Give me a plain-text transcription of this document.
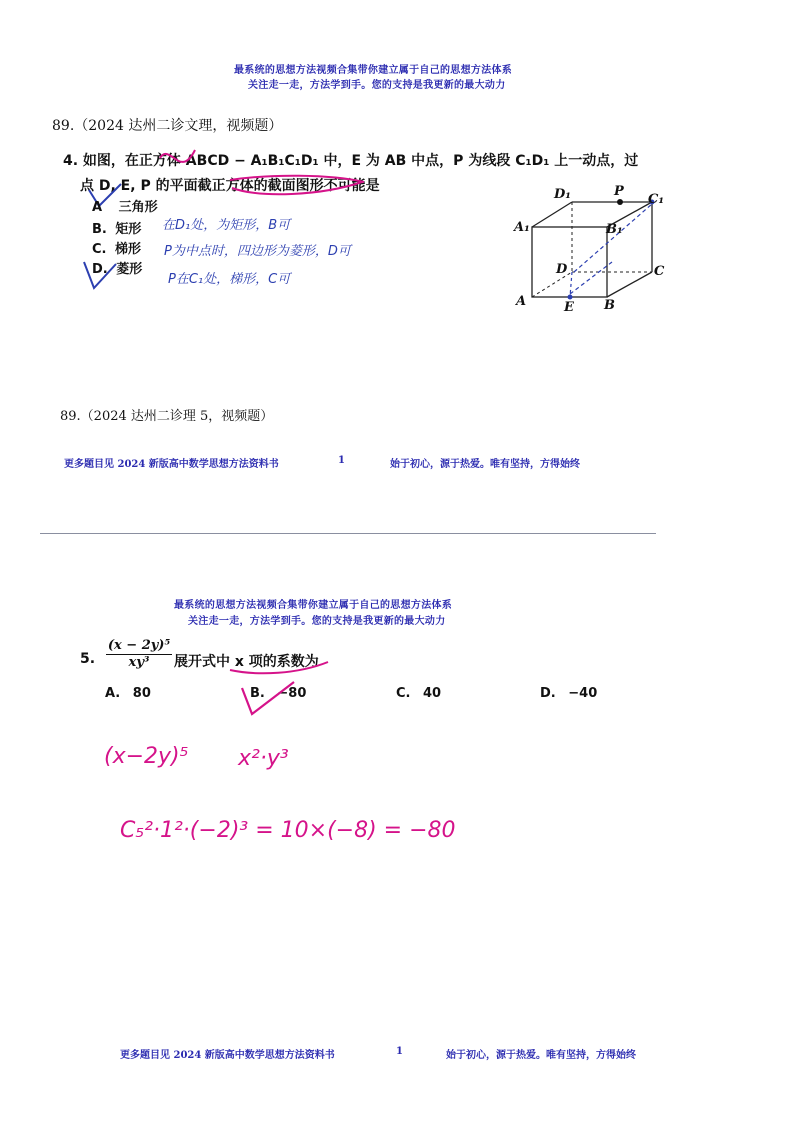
最系统的思想方法视频合集带你建立属于自己的思想方法体系
关注走一走，方法学到手。您的支持是我更新的最大动力
89.（2024 达州二诊文理，视频题）
4. 如图，在正方体 ABCD − A₁B₁C₁D₁ 中，E 为 AB 中点，P 为线段 C₁D₁ 上一动点，过
点 D, E, P 的平面截正方体的截面图形不可能是
A 三角形
B. 矩形
C. 梯形
D. 菱形
在D₁处，为矩形，B可
P为中点时，四边形为菱形，D可
P在C₁处，梯形，C可
D₁	P
C₁
A₁	B₁
D	C
A	E B
89.（2024 达州二诊理 5，视频题）
更多题目见 2024 新版高中数学思想方法资料书	1	始于初心，源于热爱。唯有坚持，方得始终
最系统的思想方法视频合集带你建立属于自己的思想方法体系
关注走一走，方法学到手。您的支持是我更新的最大动力
5. $\frac{\text{(x − 2y)⁵}}{\text{xy³}}$ 展开式中 x 项的系数为
A. 80	B. −80	C. 40	D. −40
(x−2y)⁵ x²·y³
C₅²·1²·(−2)³ = 10×(−8) = −80
更多题目见 2024 新版高中数学思想方法资料书	1	始于初心，源于热爱。唯有坚持，方得始终
